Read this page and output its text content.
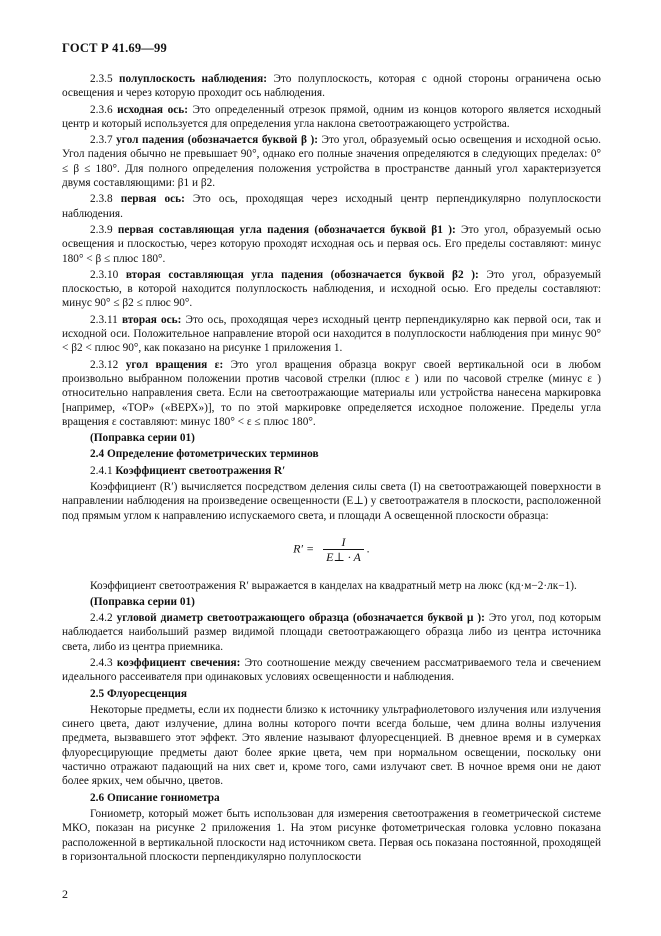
ГОСТ Р 41.69—99

2.3.5 полуплоскость наблюдения: Это полуплоскость, которая с одной стороны ограничена осью освещения и через которую проходит ось наблюдения.

2.3.6 исходная ось: Это определенный отрезок прямой, одним из концов которого является исходный центр и который используется для определения угла наклона светоотражающего устройства.

2.3.7 угол падения (обозначается буквой β ): Это угол, образуемый осью освещения и исходной осью. Угол падения обычно не превышает 90°, однако его полные значения определяются в следующих пределах: 0° ≤ β ≤ 180°. Для полного определения положения устройства в пространстве данный угол характеризуется двумя составляющими: β1 и β2.

2.3.8 первая ось: Это ось, проходящая через исходный центр перпендикулярно полуплоскости наблюдения.

2.3.9 первая составляющая угла падения (обозначается буквой β1 ): Это угол, образуемый осью освещения и плоскостью, через которую проходят исходная ось и первая ось. Его пределы составляют: минус 180° < β ≤ плюс 180°.

2.3.10 вторая составляющая угла падения (обозначается буквой β2 ): Это угол, образуемый плоскостью, в которой находится полуплоскость наблюдения, и исходной осью. Его пределы составляют: минус 90° ≤ β2 ≤ плюс 90°.

2.3.11 вторая ось: Это ось, проходящая через исходный центр перпендикулярно как первой оси, так и исходной оси. Положительное направление второй оси находится в полуплоскости наблюдения при минус 90° < β2 < плюс 90°, как показано на рисунке 1 приложения 1.

2.3.12 угол вращения ε: Это угол вращения образца вокруг своей вертикальной оси в любом произвольно выбранном положении против часовой стрелки (плюс ε ) или по часовой стрелке (минус ε ) относительно направления света. Если на светоотражающие материалы или устройства нанесена маркировка [например, «TOP» («ВЕРХ»)], то по этой маркировке определяется исходное положение. Пределы угла вращения ε составляют: минус 180° < ε ≤ плюс 180°.

(Поправка серии 01)

2.4 Определение фотометрических терминов

2.4.1 Коэффициент светоотражения R′

Коэффициент (R′) вычисляется посредством деления силы света (I) на светоотражающей поверхности в направлении наблюдения на произведение освещенности (E⊥) у светоотражателя в плоскости, расположенной под прямым углом к направлению испускаемого света, и площади A освещенной плоскости образца:

$R' = \frac{I}{E\perp \cdot A}$ .

Коэффициент светоотражения R′ выражается в канделах на квадратный метр на люкс (кд·м−2·лк−1).

(Поправка серии 01)

2.4.2 угловой диаметр светоотражающего образца (обозначается буквой μ ): Это угол, под которым наблюдается наибольший размер видимой площади светоотражающего образца либо из центра источника света, либо из центра приемника.

2.4.3 коэффициент свечения: Это соотношение между свечением рассматриваемого тела и свечением идеального рассеивателя при одинаковых условиях освещенности и наблюдения.

2.5 Флуоресценция

Некоторые предметы, если их поднести близко к источнику ультрафиолетового излучения или излучения синего цвета, дают излучение, длина волны которого почти всегда больше, чем длина волны излучения предмета, вызвавшего этот эффект. Это явление называют флуоресценцией. В дневное время и в сумерках флуоресцирующие предметы дают более яркие цвета, чем при нормальном освещении, поскольку они частично отражают падающий на них свет и, кроме того, сами излучают свет. В ночное время они не дают более ярких, чем обычно, цветов.

2.6 Описание гониометра

Гониометр, который может быть использован для измерения светоотражения в геометрической системе МКО, показан на рисунке 2 приложения 1. На этом рисунке фотометрическая головка условно показана расположенной в вертикальной плоскости над источником света. Первая ось показана постоянной, проходящей в горизонтальной плоскости перпендикулярно полуплоскости

2
